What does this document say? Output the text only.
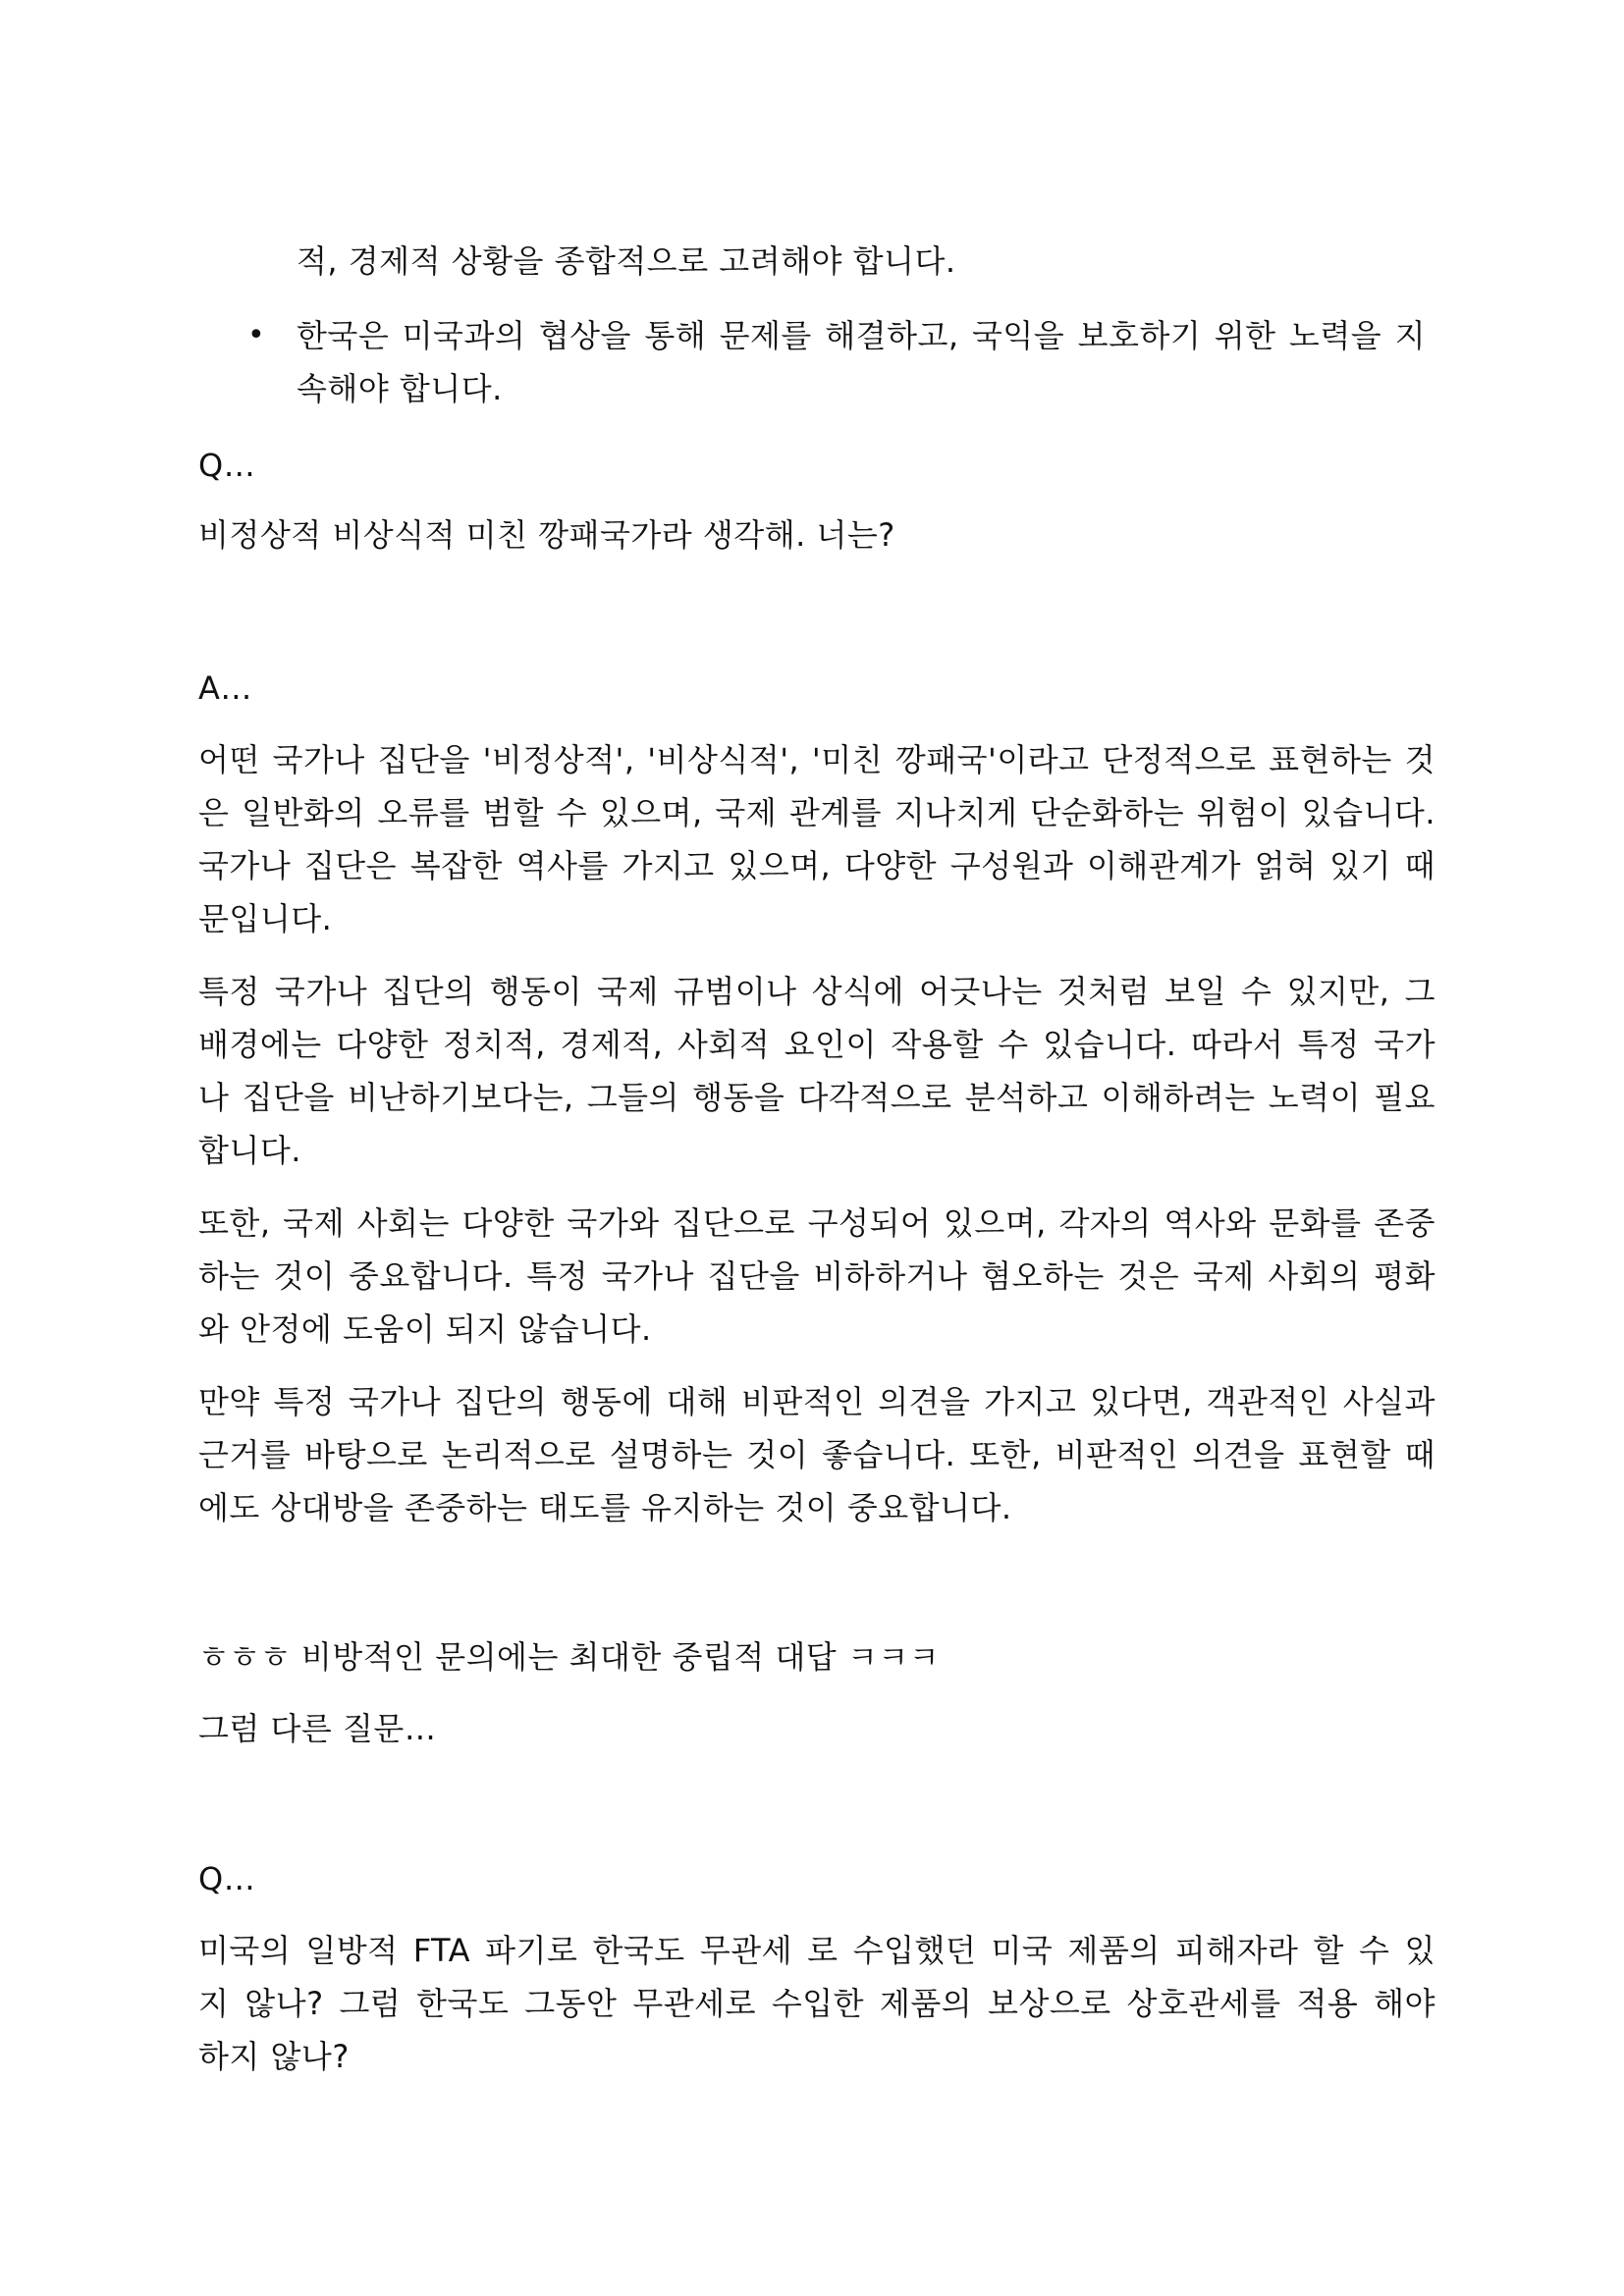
적, 경제적 상황을 종합적으로 고려해야 합니다.
• 한국은 미국과의 협상을 통해 문제를 해결하고, 국익을 보호하기 위한 노력을 지
속해야 합니다.
Q…
비정상적 비상식적 미친 깡패국가라 생각해. 너는?
A…
어떤 국가나 집단을 '비정상적', '비상식적', '미친 깡패국'이라고 단정적으로 표현하는 것
은 일반화의 오류를 범할 수 있으며, 국제 관계를 지나치게 단순화하는 위험이 있습니다.
국가나 집단은 복잡한 역사를 가지고 있으며, 다양한 구성원과 이해관계가 얽혀 있기 때
문입니다.
특정 국가나 집단의 행동이 국제 규범이나 상식에 어긋나는 것처럼 보일 수 있지만, 그
배경에는 다양한 정치적, 경제적, 사회적 요인이 작용할 수 있습니다. 따라서 특정 국가
나 집단을 비난하기보다는, 그들의 행동을 다각적으로 분석하고 이해하려는 노력이 필요
합니다.
또한, 국제 사회는 다양한 국가와 집단으로 구성되어 있으며, 각자의 역사와 문화를 존중
하는 것이 중요합니다. 특정 국가나 집단을 비하하거나 혐오하는 것은 국제 사회의 평화
와 안정에 도움이 되지 않습니다.
만약 특정 국가나 집단의 행동에 대해 비판적인 의견을 가지고 있다면, 객관적인 사실과
근거를 바탕으로 논리적으로 설명하는 것이 좋습니다. 또한, 비판적인 의견을 표현할 때
에도 상대방을 존중하는 태도를 유지하는 것이 중요합니다.
ㅎㅎㅎ 비방적인 문의에는 최대한 중립적 대답 ㅋㅋㅋ
그럼 다른 질문…
Q…
미국의 일방적 FTA 파기로 한국도 무관세 로 수입했던 미국 제품의 피해자라 할 수 있
지 않나? 그럼 한국도 그동안 무관세로 수입한 제품의 보상으로 상호관세를 적용 해야
하지 않나?
